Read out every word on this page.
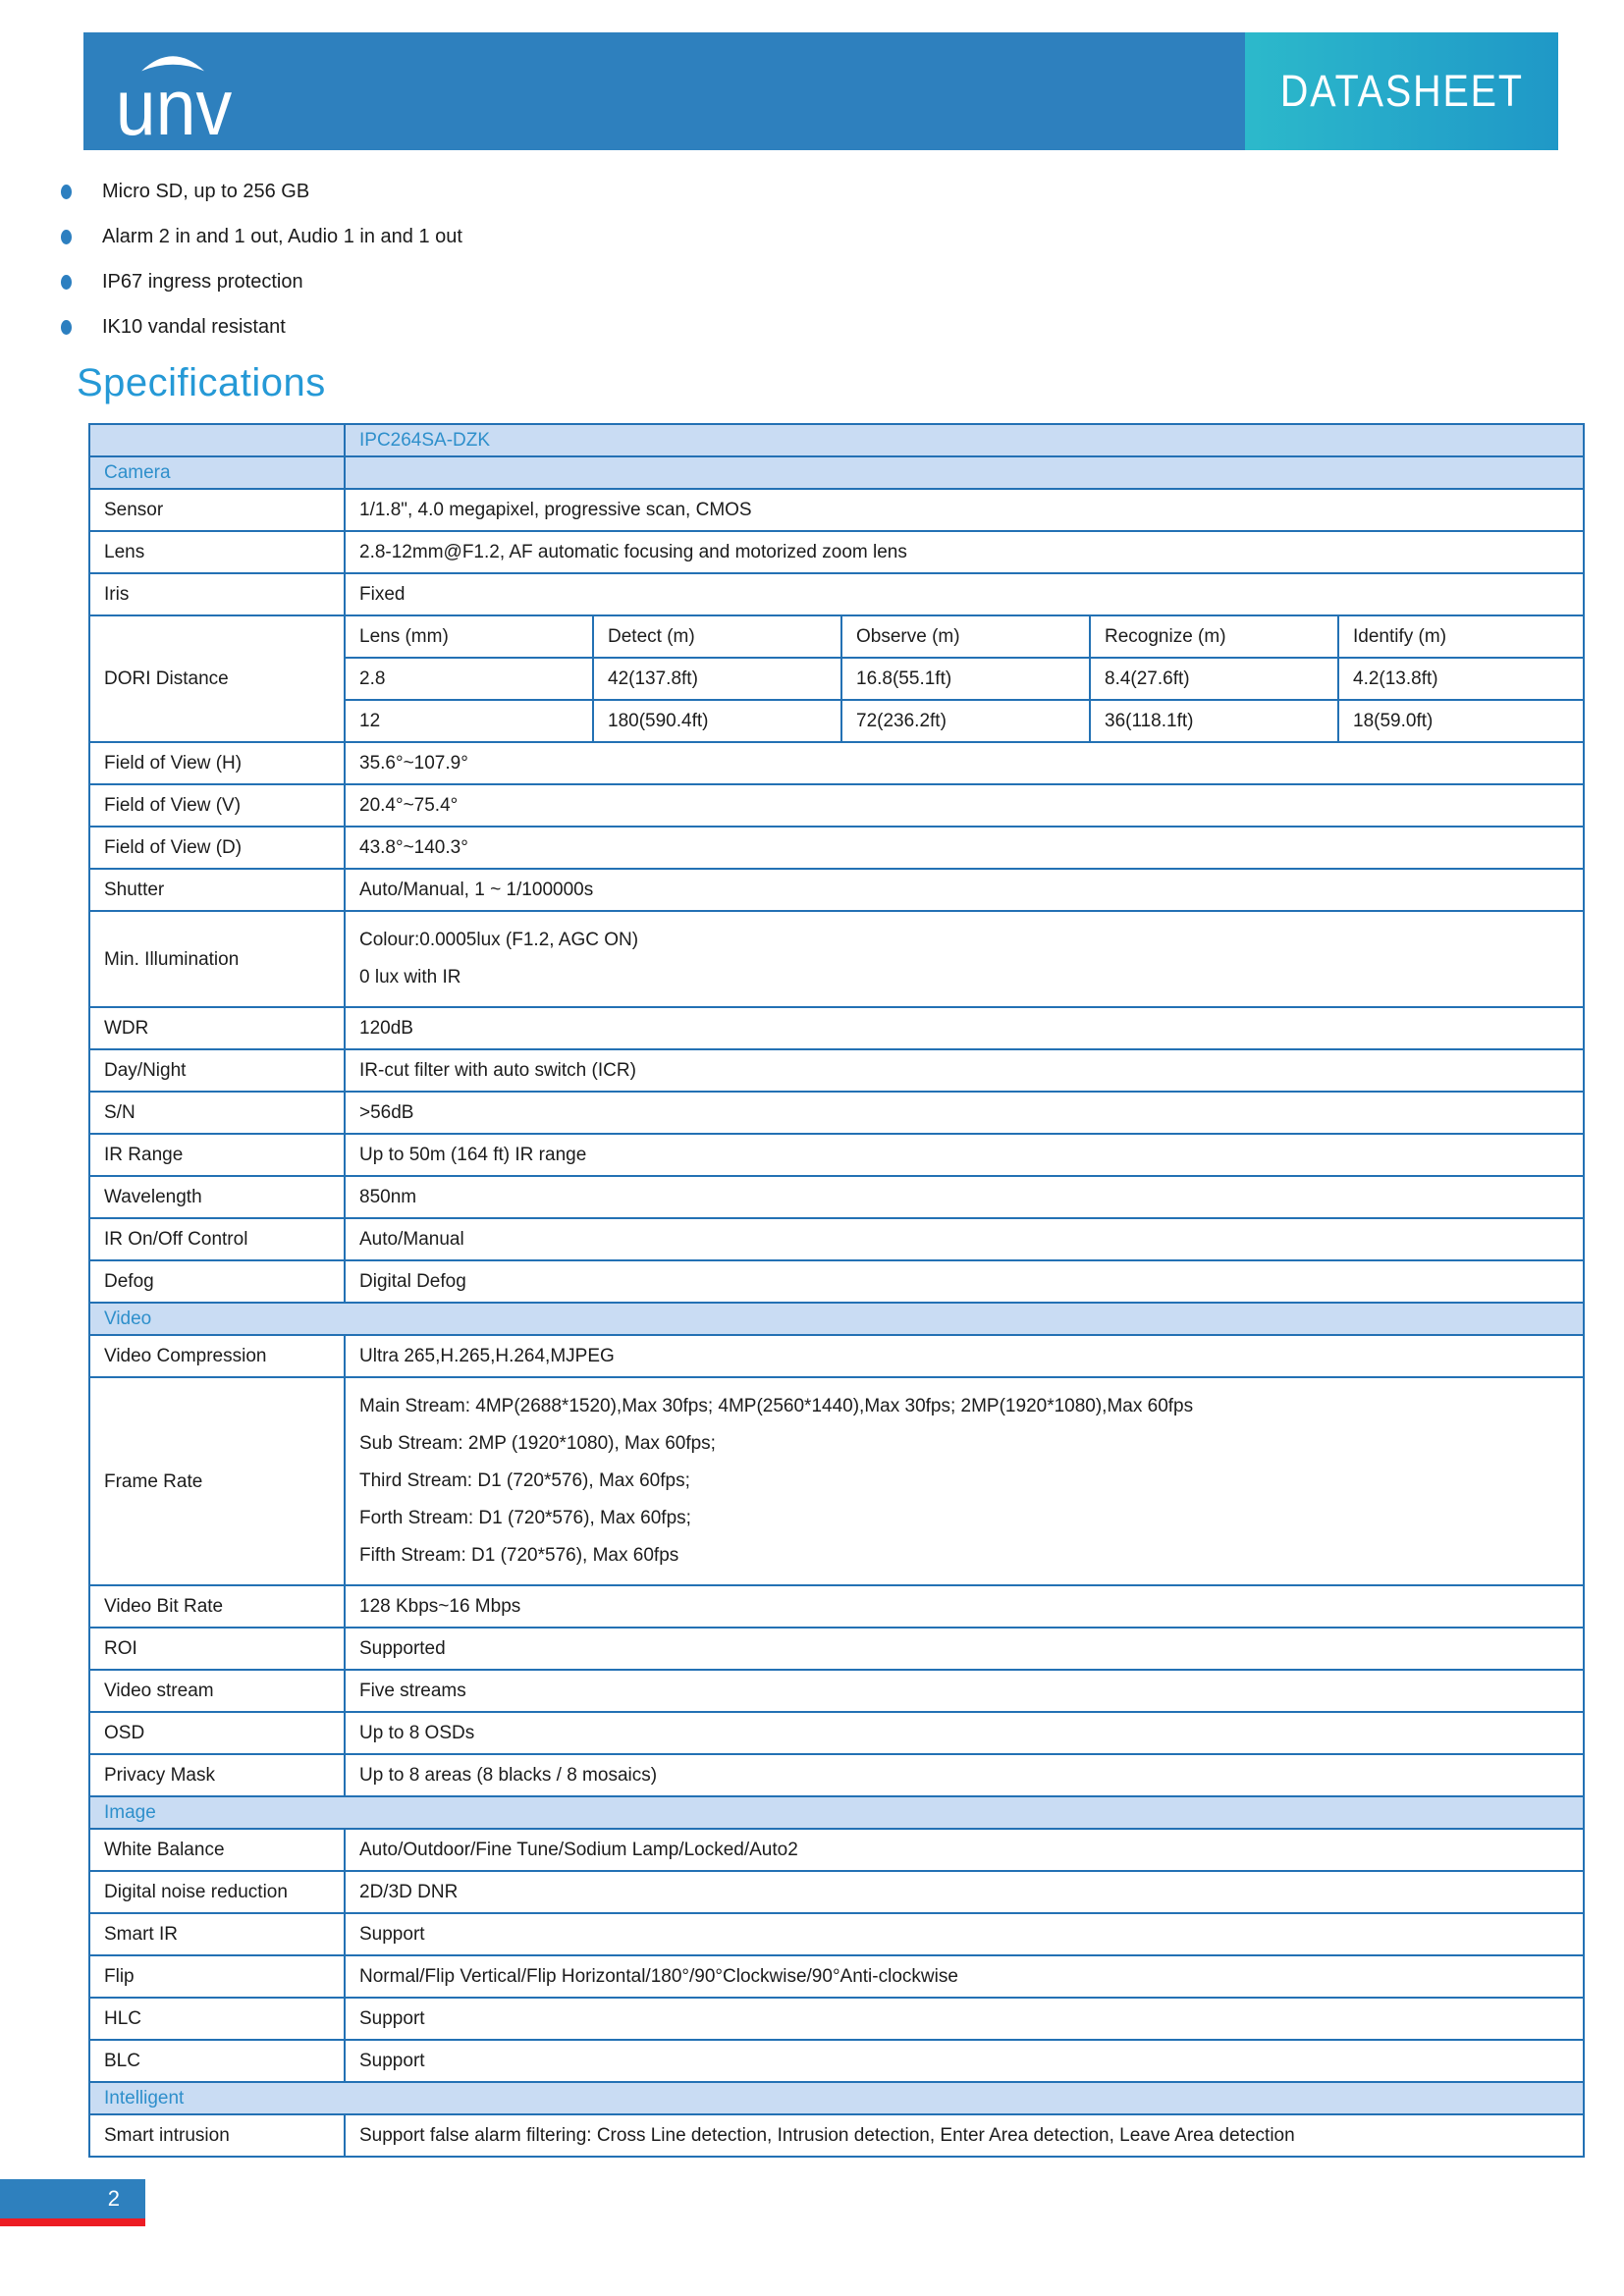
unv	DATASHEET
Micro SD, up to 256 GB
Alarm 2 in and 1 out, Audio 1 in and 1 out
IP67 ingress protection
IK10 vandal resistant
Specifications
	IPC264SA-DZK				
Camera					
Sensor	1/1.8", 4.0 megapixel, progressive scan, CMOS				
Lens	2.8-12mm@F1.2, AF automatic focusing and motorized zoom lens				
Iris	Fixed				
DORI Distance	Lens (mm)	Detect (m)	Observe (m)	Recognize (m)	Identify (m)
	2.8	42(137.8ft)	16.8(55.1ft)	8.4(27.6ft)	4.2(13.8ft)
	12	180(590.4ft)	72(236.2ft)	36(118.1ft)	18(59.0ft)
Field of View (H)	35.6°~107.9°				
Field of View (V)	20.4°~75.4°				
Field of View (D)	43.8°~140.3°				
Shutter	Auto/Manual, 1 ~ 1/100000s				
Min. Illumination	Colour:0.0005lux (F1.2, AGC ON)
0 lux with IR				

WDR	120dB				
Day/Night	IR-cut filter with auto switch (ICR)				
S/N	>56dB				
IR Range	Up to 50m (164 ft) IR range				
Wavelength	850nm				
IR On/Off Control	Auto/Manual				
Defog	Digital Defog				
Video					
Video Compression	Ultra 265,H.265,H.264,MJPEG				
Frame Rate	Main Stream: 4MP(2688*1520),Max 30fps; 4MP(2560*1440),Max 30fps; 2MP(1920*1080),Max 60fps
Sub Stream: 2MP (1920*1080), Max 60fps;
Third Stream: D1 (720*576), Max 60fps;
Forth Stream: D1 (720*576), Max 60fps;
Fifth Stream: D1 (720*576), Max 60fps				

Video Bit Rate	128 Kbps~16 Mbps				
ROI	Supported				
Video stream	Five streams				
OSD	Up to 8 OSDs				
Privacy Mask	Up to 8 areas (8 blacks / 8 mosaics)				
Image					
White Balance	Auto/Outdoor/Fine Tune/Sodium Lamp/Locked/Auto2				
Digital noise reduction	2D/3D DNR				
Smart IR	Support				
Flip	Normal/Flip Vertical/Flip Horizontal/180°/90°Clockwise/90°Anti-clockwise				
HLC	Support				
BLC	Support				
Intelligent					
Smart intrusion	Support false alarm filtering: Cross Line detection, Intrusion detection, Enter Area detection, Leave Area detection				
2
